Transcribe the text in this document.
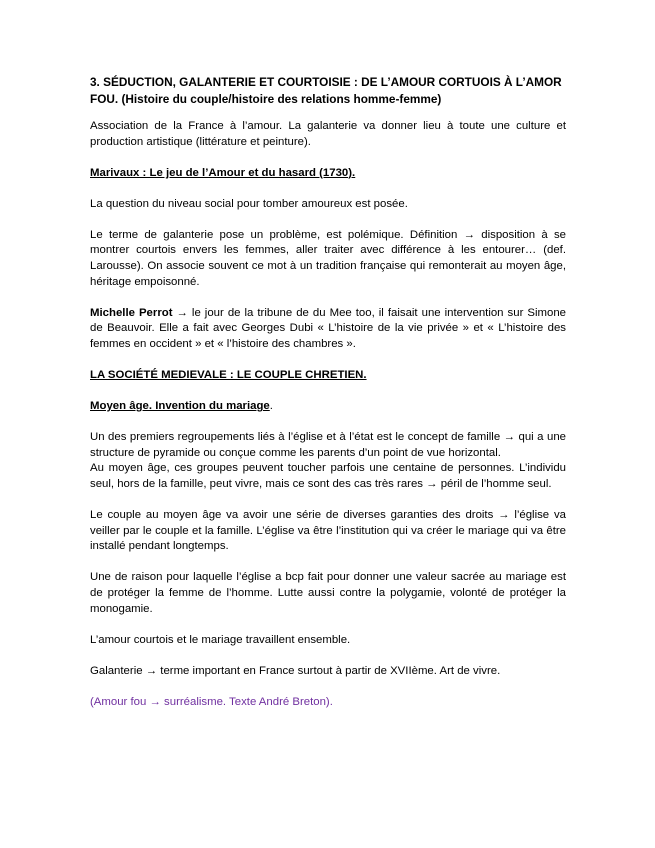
3. SÉDUCTION, GALANTERIE ET COURTOISIE : DE L’AMOUR CORTUOIS À L’AMOR FOU. (Histoire du couple/histoire des relations homme-femme)

Association de la France à l’amour. La galanterie va donner lieu à toute une culture et production artistique (littérature et peinture).

Marivaux : Le jeu de l’Amour et du hasard (1730).

La question du niveau social pour tomber amoureux est posée.

Le terme de galanterie pose un problème, est polémique. Définition → disposition à se montrer courtois envers les femmes, aller traiter avec différence à les entourer… (def. Larousse). On associe souvent ce mot à un tradition française qui remonterait au moyen âge, héritage empoisonné.

Michelle Perrot → le jour de la tribune de du Mee too, il faisait une intervention sur Simone de Beauvoir. Elle a fait avec Georges Dubi « L’histoire de la vie privée » et « L’histoire des femmes en occident » et « l’histoire des chambres ».

LA SOCIÉTÉ MEDIEVALE : LE COUPLE CHRETIEN.

Moyen âge. Invention du mariage.

Un des premiers regroupements liés à l’église et à l’état est le concept de famille → qui a une structure de pyramide ou conçue comme les parents d’un point de vue horizontal.

Au moyen âge, ces groupes peuvent toucher parfois une centaine de personnes. L’individu seul, hors de la famille, peut vivre, mais ce sont des cas très rares → péril de l’homme seul.

Le couple au moyen âge va avoir une série de diverses garanties des droits → l’église va veiller par le couple et la famille. L’église va être l’institution qui va créer le mariage qui va être installé pendant longtemps.

Une de raison pour laquelle l’église a bcp fait pour donner une valeur sacrée au mariage est de protéger la femme de l’homme. Lutte aussi contre la polygamie, volonté de protéger la monogamie.

L’amour courtois et le mariage travaillent ensemble.

Galanterie → terme important en France surtout à partir de XVIIème. Art de vivre.

(Amour fou → surréalisme. Texte André Breton).
